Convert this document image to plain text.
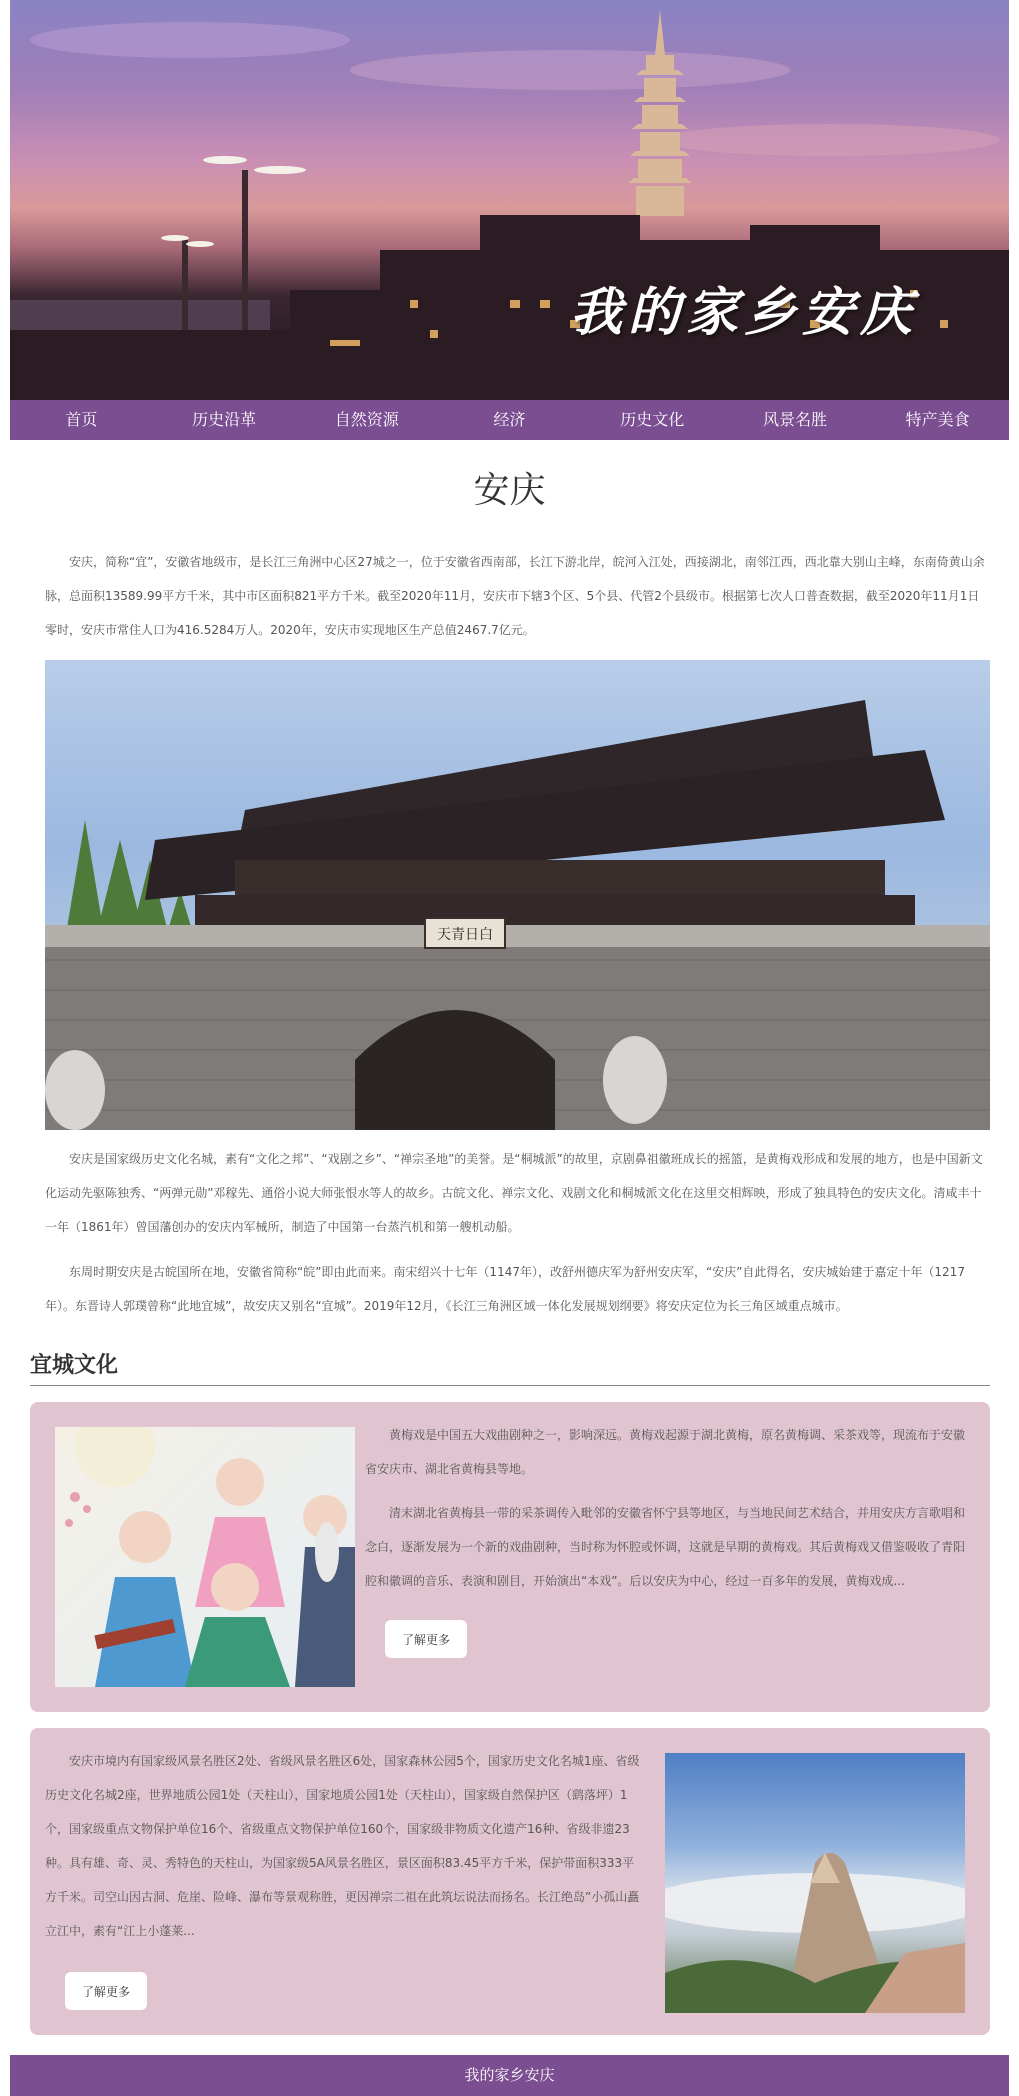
我的家乡安庆
首页	历史沿革	自然资源	经济	历史文化	风景名胜	特产美食
安庆

安庆，简称“宜”，安徽省地级市，是长江三角洲中心区27城之一，位于安徽省西南部，长江下游北岸，皖河入江处，西接湖北，南邻江西，西北靠大别山主峰，东南倚黄山余脉，总面积13589.99平方千米，其中市区面积821平方千米。截至2020年11月，安庆市下辖3个区、5个县、代管2个县级市。根据第七次人口普查数据，截至2020年11月1日零时，安庆市常住人口为416.5284万人。2020年，安庆市实现地区生产总值2467.7亿元。

天青日白

安庆是国家级历史文化名城，素有“文化之邦”、“戏剧之乡”、“禅宗圣地”的美誉。是“桐城派”的故里，京剧鼻祖徽班成长的摇篮，是黄梅戏形成和发展的地方，也是中国新文化运动先驱陈独秀、“两弹元勋”邓稼先、通俗小说大师张恨水等人的故乡。古皖文化、禅宗文化、戏剧文化和桐城派文化在这里交相辉映，形成了独具特色的安庆文化。清咸丰十一年（1861年）曾国藩创办的安庆内军械所，制造了中国第一台蒸汽机和第一艘机动船。

东周时期安庆是古皖国所在地，安徽省简称“皖”即由此而来。南宋绍兴十七年（1147年），改舒州德庆军为舒州安庆军，“安庆”自此得名，安庆城始建于嘉定十年（1217年）。东晋诗人郭璞曾称“此地宜城”，故安庆又别名“宜城”。2019年12月，《长江三角洲区域一体化发展规划纲要》将安庆定位为长三角区域重点城市。

宜城文化

黄梅戏是中国五大戏曲剧种之一，影响深远。黄梅戏起源于湖北黄梅，原名黄梅调、采茶戏等，现流布于安徽省安庆市、湖北省黄梅县等地。

清末湖北省黄梅县一带的采茶调传入毗邻的安徽省怀宁县等地区，与当地民间艺术结合，并用安庆方言歌唱和念白，逐渐发展为一个新的戏曲剧种，当时称为怀腔或怀调，这就是早期的黄梅戏。其后黄梅戏又借鉴吸收了青阳腔和徽调的音乐、表演和剧目，开始演出“本戏”。后以安庆为中心，经过一百多年的发展，黄梅戏成...

了解更多

安庆市境内有国家级风景名胜区2处、省级风景名胜区6处，国家森林公园5个，国家历史文化名城1座、省级历史文化名城2座，世界地质公园1处（天柱山），国家地质公园1处（天柱山），国家级自然保护区（鹞落坪）1个，国家级重点文物保护单位16个、省级重点文物保护单位160个，国家级非物质文化遗产16种、省级非遗23种。具有雄、奇、灵、秀特色的天柱山，为国家级5A风景名胜区，景区面积83.45平方千米，保护带面积333平方千米。司空山因古洞、危崖、险峰、瀑布等景观称胜，更因禅宗二祖在此筑坛说法而扬名。长江绝岛”小孤山矗立江中，素有“江上小蓬莱...

了解更多
我的家乡安庆
